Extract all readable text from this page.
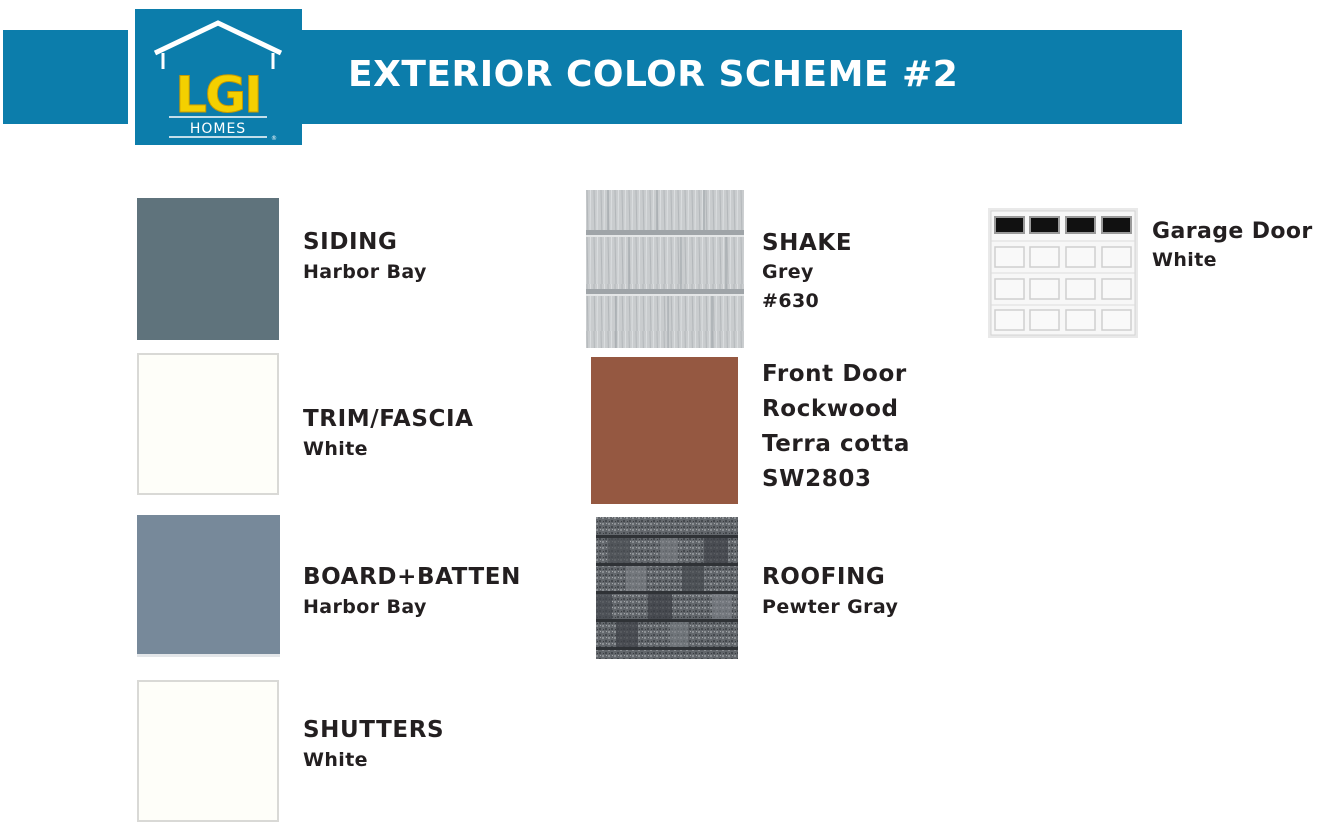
LGI
HOMES
®
EXTERIOR COLOR SCHEME #2
SIDING
Harbor Bay
TRIM/FASCIA
White
BOARD+BATTEN
Harbor Bay
SHUTTERS
White
SHAKE
Grey
#630
Front Door
Rockwood
Terra cotta
SW2803
ROOFING
Pewter Gray
Garage Door
White
